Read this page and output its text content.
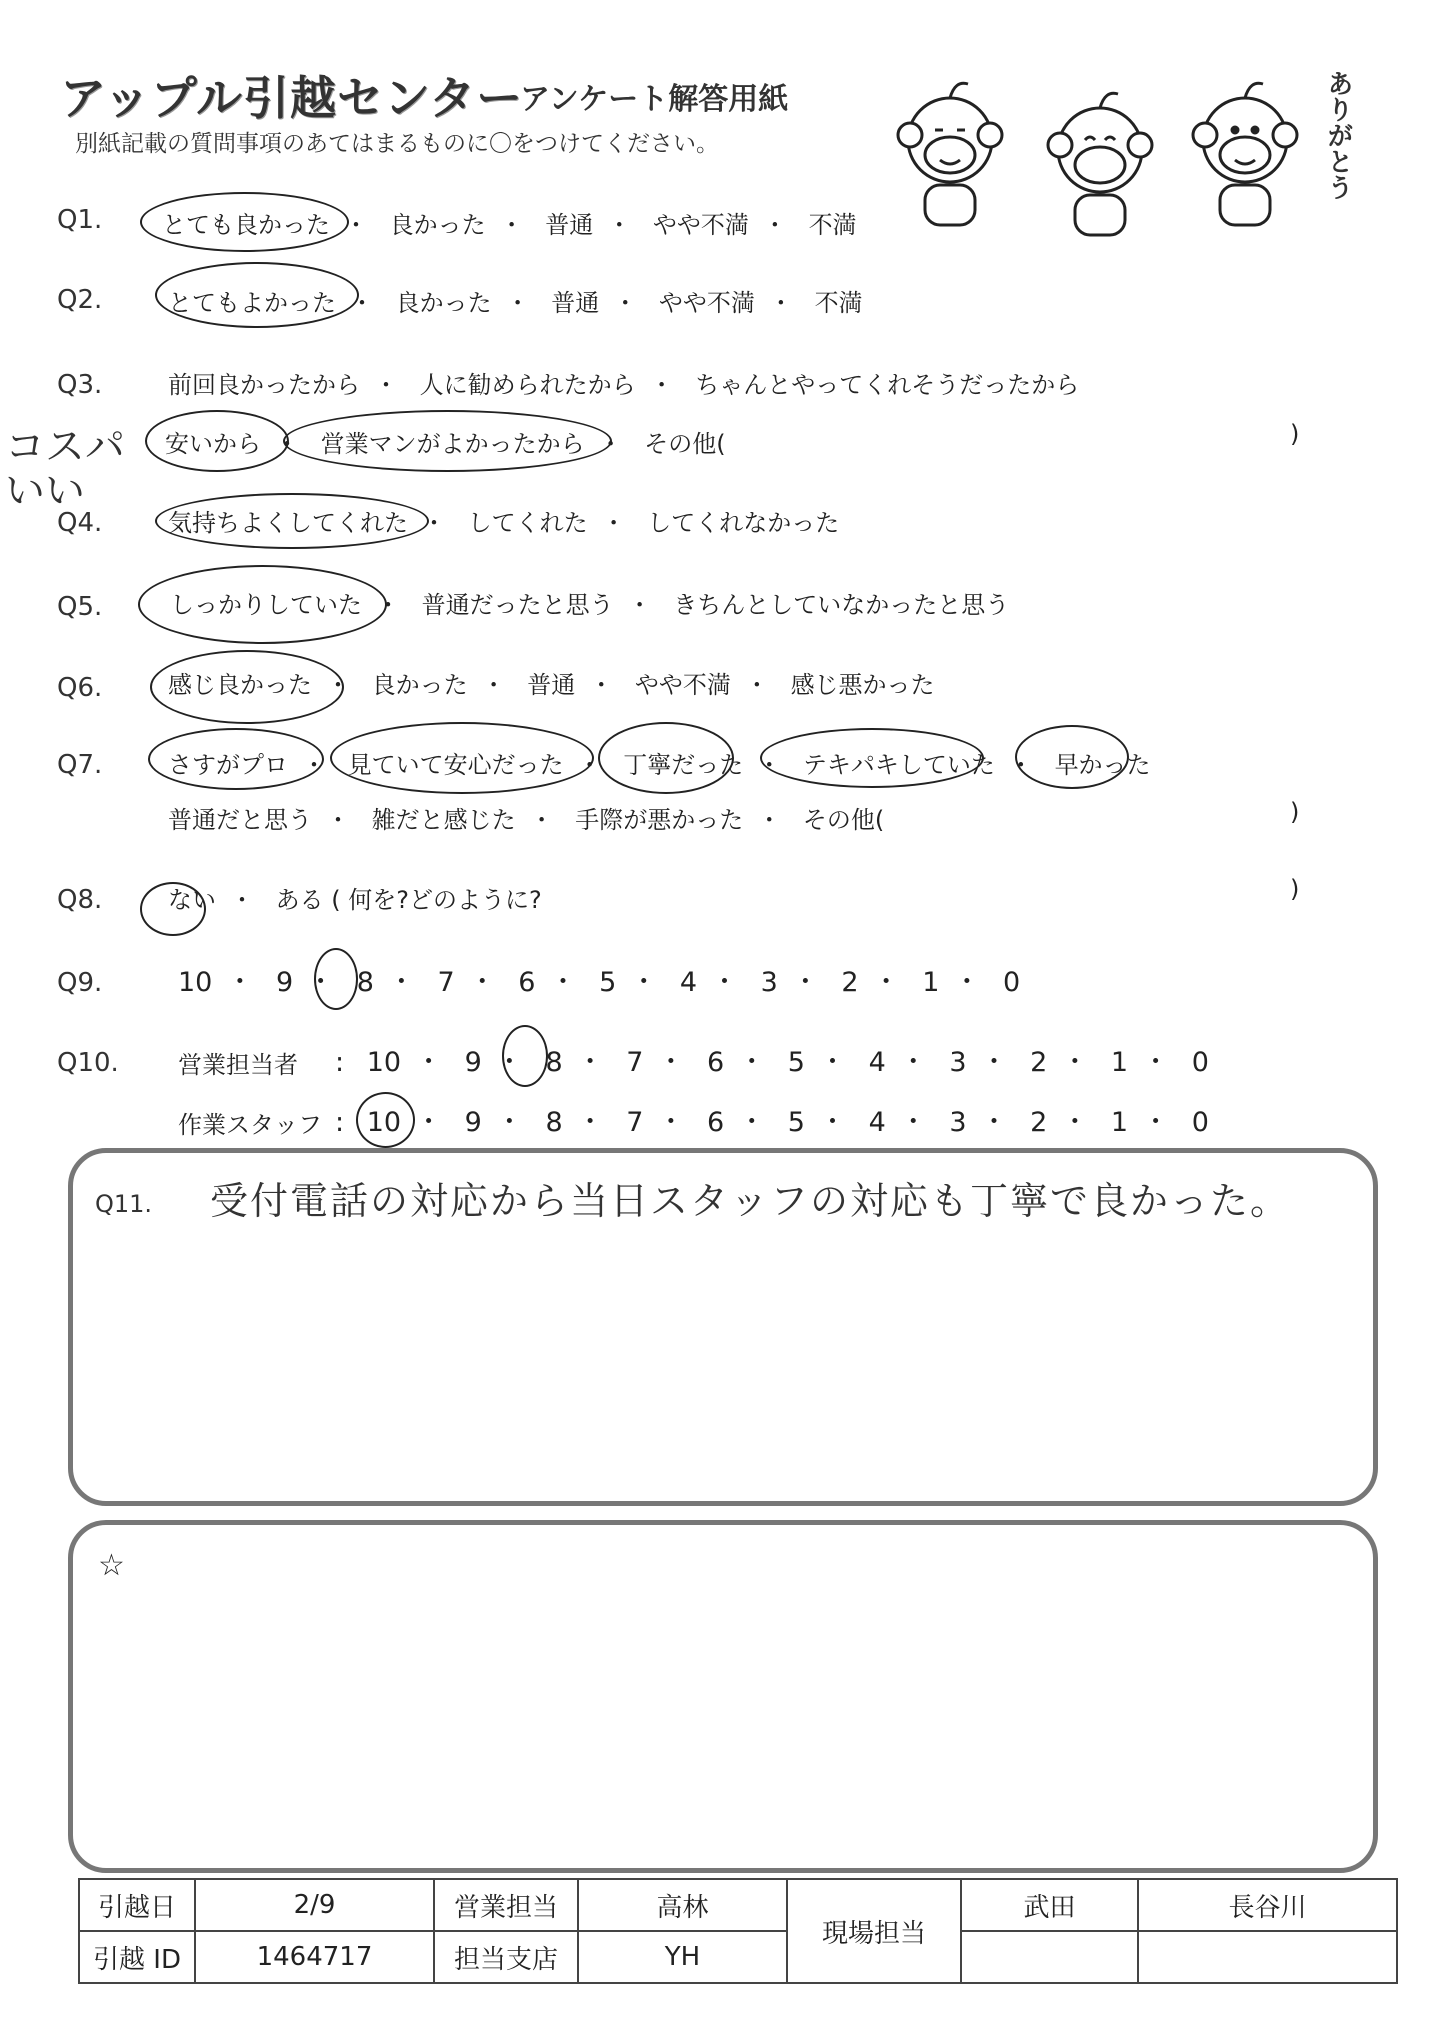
アップル引越センター
アンケート解答用紙
別紙記載の質問事項のあてはまるものに〇をつけてください。	ありがとう
Q1. とても良かった ・ 良かった ・ 普通 ・ やや不満 ・ 不満
Q2.	とてもよかった ・ 良かった ・ 普通 ・ やや不満 ・ 不満
Q3.	前回良かったから ・ 人に勧められたから ・ ちゃんとやってくれそうだったから
安いから ・ 営業マンがよかったから ・ その他(	)
コスパ いい
Q4.	気持ちよくしてくれた ・ してくれた ・ してくれなかった
Q5.	しっかりしていた ・ 普通だったと思う ・ きちんとしていなかったと思う
Q6.	感じ良かった ・ 良かった ・ 普通 ・ やや不満 ・ 感じ悪かった
Q7.	さすがプロ ・ 見ていて安心だった ・ 丁寧だった ・ テキパキしていた ・ 早かった
普通だと思う ・ 雑だと感じた ・ 手際が悪かった ・ その他(	)
Q8.	ない ・ ある ( 何を?どのように?	)
Q9.	10 ・ 9 ・ 8 ・ 7 ・ 6 ・ 5 ・ 4 ・ 3 ・ 2 ・ 1 ・ 0
Q10. 営業担当者 : 10 ・ 9 ・ 8 ・ 7 ・ 6 ・ 5 ・ 4 ・ 3 ・ 2 ・ 1 ・ 0
作業スタッフ : 10 ・ 9 ・ 8 ・ 7 ・ 6 ・ 5 ・ 4 ・ 3 ・ 2 ・ 1 ・ 0
Q11. 受付電話の対応から当日スタッフの対応も丁寧で良かった。
☆
引越日	2/9	営業担当	高林	現場担当	武田	長谷川
引越 ID	1464717	担当支店	YH			
